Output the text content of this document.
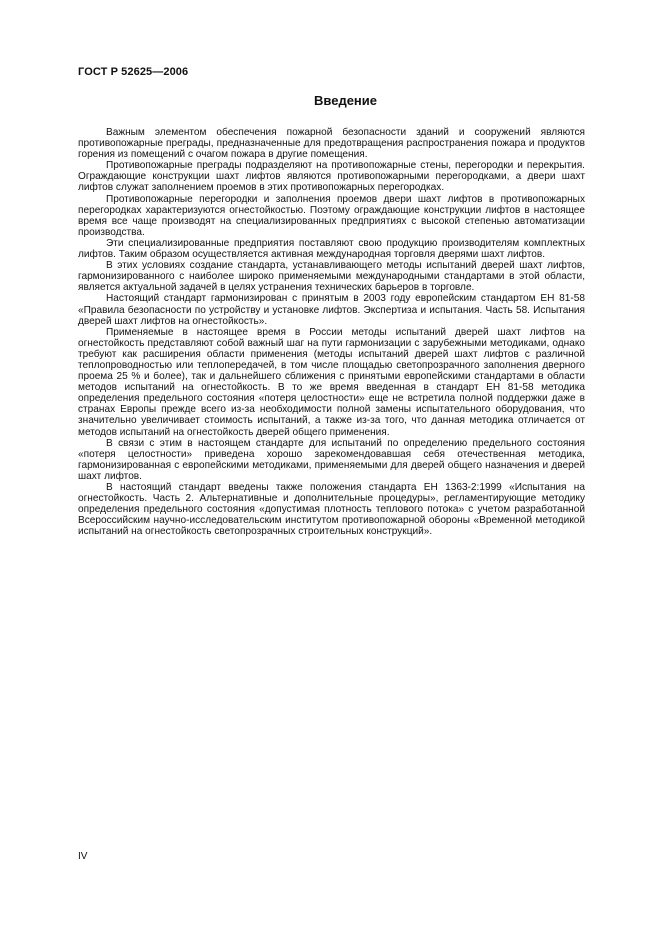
ГОСТ Р 52625—2006
Введение

Важным элементом обеспечения пожарной безопасности зданий и сооружений являются противопожарные преграды, предназначенные для предотвращения распространения пожара и продуктов горения из помещений с очагом пожара в другие помещения.

Противопожарные преграды подразделяют на противопожарные стены, перегородки и перекрытия. Ограждающие конструкции шахт лифтов являются противопожарными перегородками, а двери шахт лифтов служат заполнением проемов в этих противопожарных перегородках.

Противопожарные перегородки и заполнения проемов двери шахт лифтов в противопожарных перегородках характеризуются огнестойкостью. Поэтому ограждающие конструкции лифтов в настоящее время все чаще производят на специализированных предприятиях с высокой степенью автоматизации производства.

Эти специализированные предприятия поставляют свою продукцию производителям комплектных лифтов. Таким образом осуществляется активная международная торговля дверями шахт лифтов.

В этих условиях создание стандарта, устанавливающего методы испытаний дверей шахт лифтов, гармонизированного с наиболее широко применяемыми международными стандартами в этой области, является актуальной задачей в целях устранения технических барьеров в торговле.

Настоящий стандарт гармонизирован с принятым в 2003 году европейским стандартом ЕН 81-58 «Правила безопасности по устройству и установке лифтов. Экспертиза и испытания. Часть 58. Испытания дверей шахт лифтов на огнестойкость».

Применяемые в настоящее время в России методы испытаний дверей шахт лифтов на огнестойкость представляют собой важный шаг на пути гармонизации с зарубежными методиками, однако требуют как расширения области применения (методы испытаний дверей шахт лифтов с различной теплопроводностью или теплопередачей, в том числе площадью светопрозрачного заполнения дверного проема 25 % и более), так и дальнейшего сближения с принятыми европейскими стандартами в области методов испытаний на огнестойкость. В то же время введенная в стандарт ЕН 81-58 методика определения предельного состояния «потеря целостности» еще не встретила полной поддержки даже в странах Европы прежде всего из-за необходимости полной замены испытательного оборудования, что значительно увеличивает стоимость испытаний, а также из-за того, что данная методика отличается от методов испытаний на огнестойкость дверей общего применения.

В связи с этим в настоящем стандарте для испытаний по определению предельного состояния «потеря целостности» приведена хорошо зарекомендовавшая себя отечественная методика, гармонизированная с европейскими методиками, применяемыми для дверей общего назначения и дверей шахт лифтов.

В настоящий стандарт введены также положения стандарта ЕН 1363-2:1999 «Испытания на огнестойкость. Часть 2. Альтернативные и дополнительные процедуры», регламентирующие методику определения предельного состояния «допустимая плотность теплового потока» с учетом разработанной Всероссийским научно-исследовательским институтом противопожарной обороны «Временной методикой испытаний на огнестойкость светопрозрачных строительных конструкций».

IV
